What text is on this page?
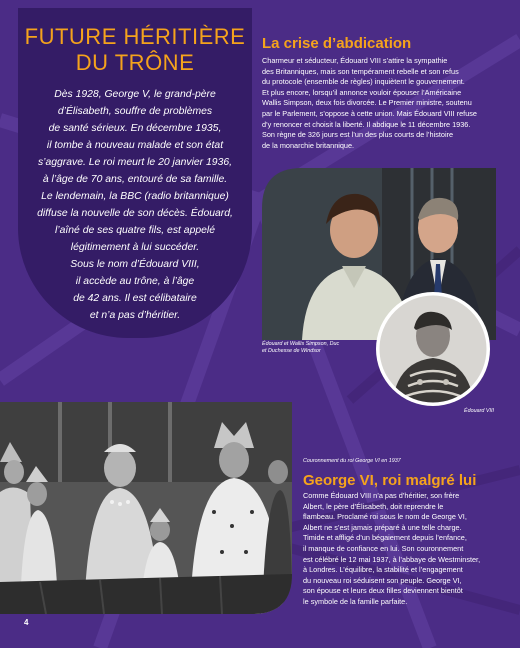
FUTURE HÉRITIÈRE
DU TRÔNE

Dès 1928, George V, le grand-père
d’Élisabeth, souffre de problèmes
de santé sérieux. En décembre 1935,
il tombe à nouveau malade et son état
s’aggrave. Le roi meurt le 20 janvier 1936,
à l’âge de 70 ans, entouré de sa famille.
Le lendemain, la BBC (radio britannique)
diffuse la nouvelle de son décès. Édouard,
l’aîné de ses quatre fils, est appelé
légitimement à lui succéder.
Sous le nom d’Édouard VIII,
il accède au trône, à l’âge
de 42 ans. Il est célibataire
et n’a pas d’héritier.

La crise d’abdication

Charmeur et séducteur, Édouard VIII s’attire la sympathie
des Britanniques, mais son tempérament rebelle et son refus
du protocole (ensemble de règles) inquiètent le gouvernement.
Et plus encore, lorsqu’il annonce vouloir épouser l’Américaine
Wallis Simpson, deux fois divorcée. Le Premier ministre, soutenu
par le Parlement, s’oppose à cette union. Mais Édouard VIII refuse
d’y renoncer et choisit la liberté. Il abdique le 11 décembre 1936.
Son règne de 326 jours est l’un des plus courts de l’histoire
de la monarchie britannique.

Édouard et Wallis Simpson, Duc
et Duchesse de Windsor

Édouard VIII

Couronnement du roi George VI en 1937

George VI, roi malgré lui

Comme Édouard VIII n’a pas d’héritier, son frère
Albert, le père d’Élisabeth, doit reprendre le
flambeau. Proclamé roi sous le nom de George VI,
Albert ne s’est jamais préparé à une telle charge.
Timide et affligé d’un bégaiement depuis l’enfance,
il manque de confiance en lui. Son couronnement
est célébré le 12 mai 1937, à l’abbaye de Westminster,
à Londres. L’équilibre, la stabilité et l’engagement
du nouveau roi séduisent son peuple. George VI,
son épouse et leurs deux filles deviennent bientôt
le symbole de la famille parfaite.

4
